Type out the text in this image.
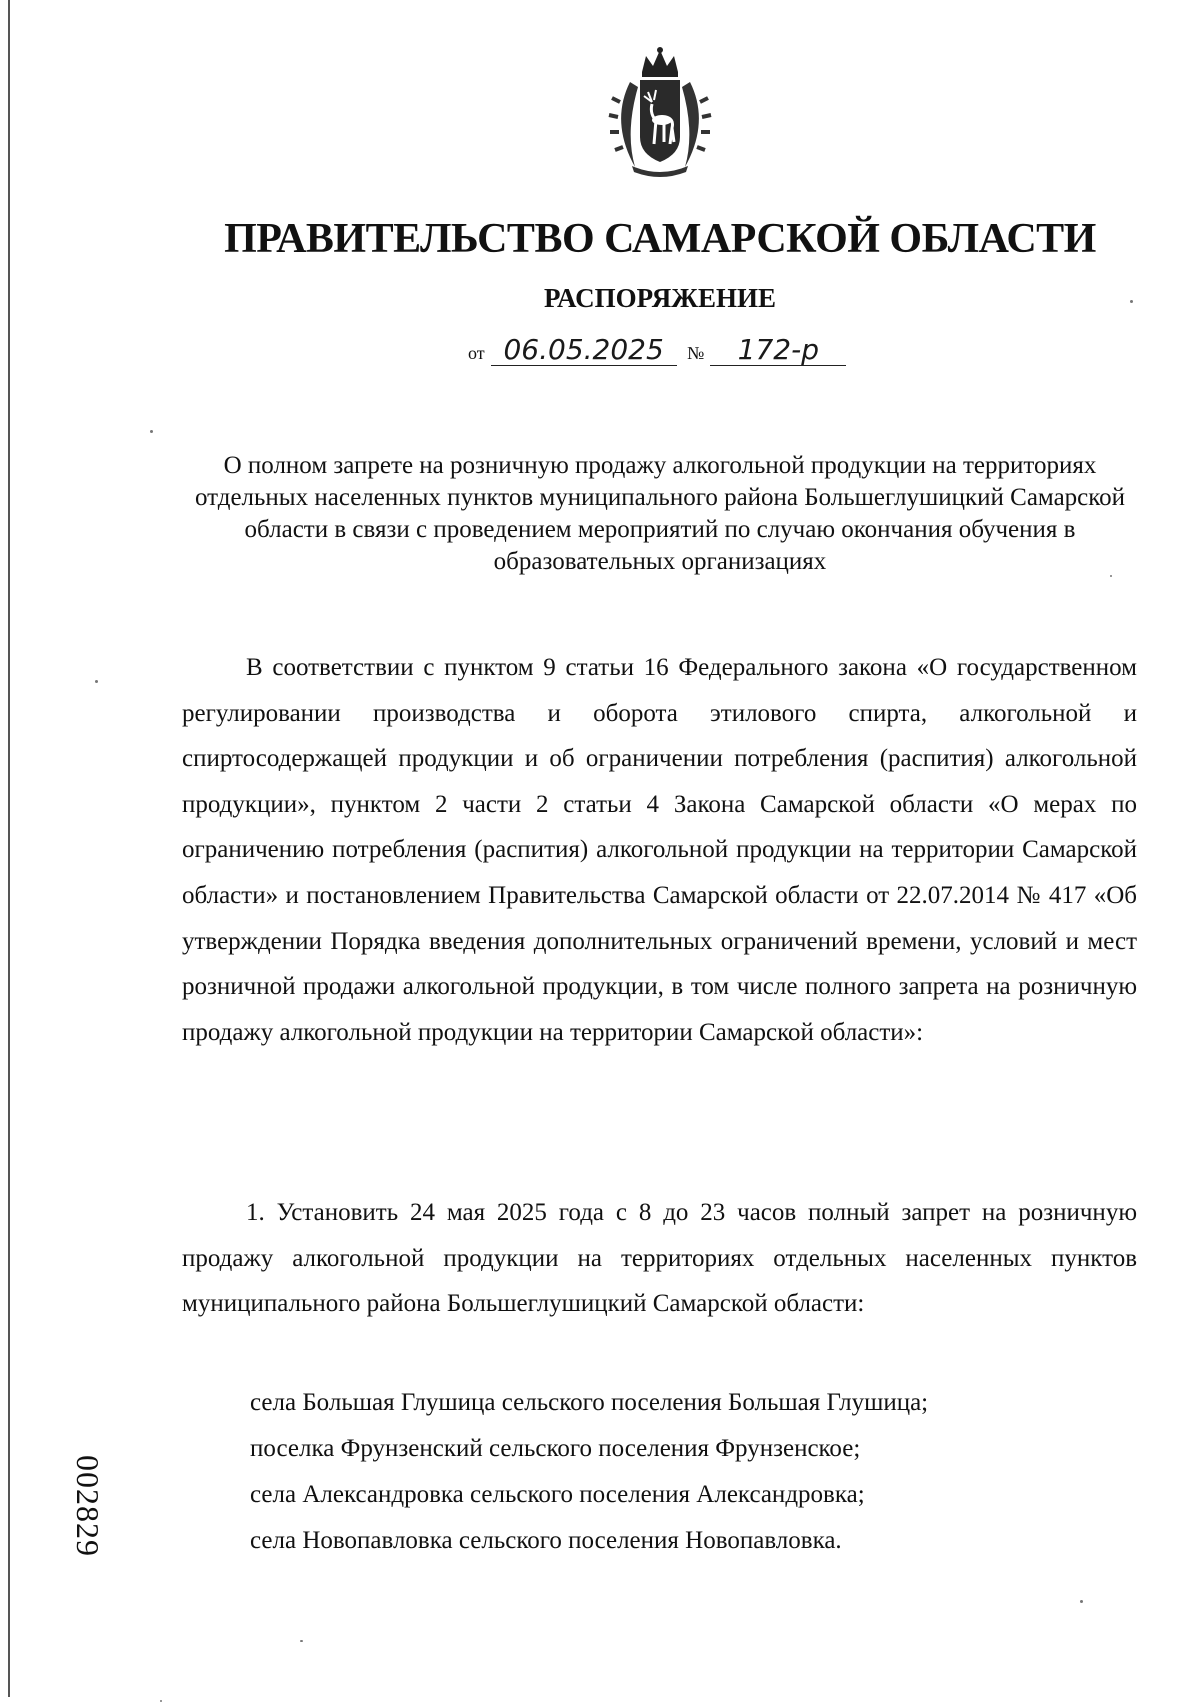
ПРАВИТЕЛЬСТВО САМАРСКОЙ ОБЛАСТИ
РАСПОРЯЖЕНИЕ
от 06.05.2025 № 172-р

О полном запрете на розничную продажу алкогольной продукции на территориях отдельных населенных пунктов муниципального района Большеглушицкий Самарской области в связи с проведением мероприятий по случаю окончания обучения в образовательных организациях

В соответствии с пунктом 9 статьи 16 Федерального закона «О государственном регулировании производства и оборота этилового спирта, алкогольной и спиртосодержащей продукции и об ограничении потребления (распития) алкогольной продукции», пунктом 2 части 2 статьи 4 Закона Самарской области «О мерах по ограничению потребления (распития) алкогольной продукции на территории Самарской области» и постановлением Правительства Самарской области от 22.07.2014 № 417 «Об утверждении Порядка введения дополнительных ограничений времени, условий и мест розничной продажи алкогольной продукции, в том числе полного запрета на розничную продажу алкогольной продукции на территории Самарской области»:

1. Установить 24 мая 2025 года с 8 до 23 часов полный запрет на розничную продажу алкогольной продукции на территориях отдельных населенных пунктов муниципального района Большеглушицкий Самарской области:

села Большая Глушица сельского поселения Большая Глушица;
поселка Фрунзенский сельского поселения Фрунзенское;
села Александровка сельского поселения Александровка;
села Новопавловка сельского поселения Новопавловка.
002829
